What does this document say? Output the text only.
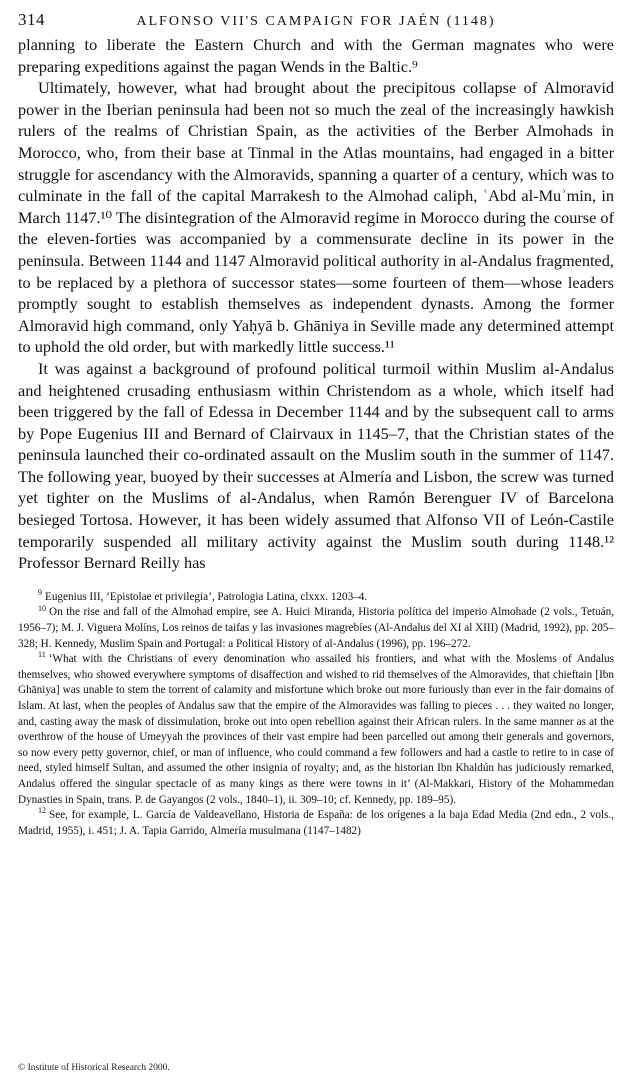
314	ALFONSO VII'S CAMPAIGN FOR JAÉN (1148)

planning to liberate the Eastern Church and with the German magnates who were preparing expeditions against the pagan Wends in the Baltic.⁹

Ultimately, however, what had brought about the precipitous collapse of Almoravid power in the Iberian peninsula had been not so much the zeal of the increasingly hawkish rulers of the realms of Christian Spain, as the activities of the Berber Almohads in Morocco, who, from their base at Tinmal in the Atlas mountains, had engaged in a bitter struggle for ascendancy with the Almoravids, spanning a quarter of a century, which was to culminate in the fall of the capital Marrakesh to the Almohad caliph, ʿAbd al-Muʾmin, in March 1147.¹⁰ The disintegration of the Almoravid regime in Morocco during the course of the eleven-forties was accompanied by a commensurate decline in its power in the peninsula. Between 1144 and 1147 Almoravid political authority in al-Andalus fragmented, to be replaced by a plethora of successor states—some fourteen of them—whose leaders promptly sought to establish themselves as independent dynasts. Among the former Almoravid high command, only Yaḥyā b. Ghāniya in Seville made any determined attempt to uphold the old order, but with markedly little success.¹¹

It was against a background of profound political turmoil within Muslim al-Andalus and heightened crusading enthusiasm within Christendom as a whole, which itself had been triggered by the fall of Edessa in December 1144 and by the subsequent call to arms by Pope Eugenius III and Bernard of Clairvaux in 1145–7, that the Christian states of the peninsula launched their co-ordinated assault on the Muslim south in the summer of 1147. The following year, buoyed by their successes at Almería and Lisbon, the screw was turned yet tighter on the Muslims of al-Andalus, when Ramón Berenguer IV of Barcelona besieged Tortosa. However, it has been widely assumed that Alfonso VII of León-Castile temporarily suspended all military activity against the Muslim south during 1148.¹² Professor Bernard Reilly has

$^9$ Eugenius III, ‘Epistolae et privilegia’, Patrologia Latina, clxxx. 1203–4.

$^{10}$ On the rise and fall of the Almohad empire, see A. Huici Miranda, Historia política del imperio Almohade (2 vols., Tetuán, 1956–7); M. J. Viguera Molíns, Los reinos de taifas y las invasiones magrebíes (Al-Andalus del XI al XIII) (Madrid, 1992), pp. 205–328; H. Kennedy, Muslim Spain and Portugal: a Political History of al-Andalus (1996), pp. 196–272.

$^{11}$ ‘What with the Christians of every denomination who assailed his frontiers, and what with the Moslems of Andalus themselves, who showed everywhere symptoms of disaffection and wished to rid themselves of the Almoravides, that chieftain [Ibn Ghāniya] was unable to stem the torrent of calamity and misfortune which broke out more furiously than ever in the fair domains of Islam. At last, when the peoples of Andalus saw that the empire of the Almoravides was falling to pieces . . . they waited no longer, and, casting away the mask of dissimulation, broke out into open rebellion against their African rulers. In the same manner as at the overthrow of the house of Umeyyah the provinces of their vast empire had been parcelled out among their generals and governors, so now every petty governor, chief, or man of influence, who could command a few followers and had a castle to retire to in case of need, styled himself Sultan, and assumed the other insignia of royalty; and, as the historian Ibn Khaldún has judiciously remarked, Andalus offered the singular spectacle of as many kings as there were towns in it’ (Al-Makkari, History of the Mohammedan Dynasties in Spain, trans. P. de Gayangos (2 vols., 1840–1), ii. 309–10; cf. Kennedy, pp. 189–95).

$^{12}$ See, for example, L. García de Valdeavellano, Historia de España: de los orígenes a la baja Edad Media (2nd edn., 2 vols., Madrid, 1955), i. 451; J. A. Tapia Garrido, Almería musulmana (1147–1482)

© Institute of Historical Research 2000.
